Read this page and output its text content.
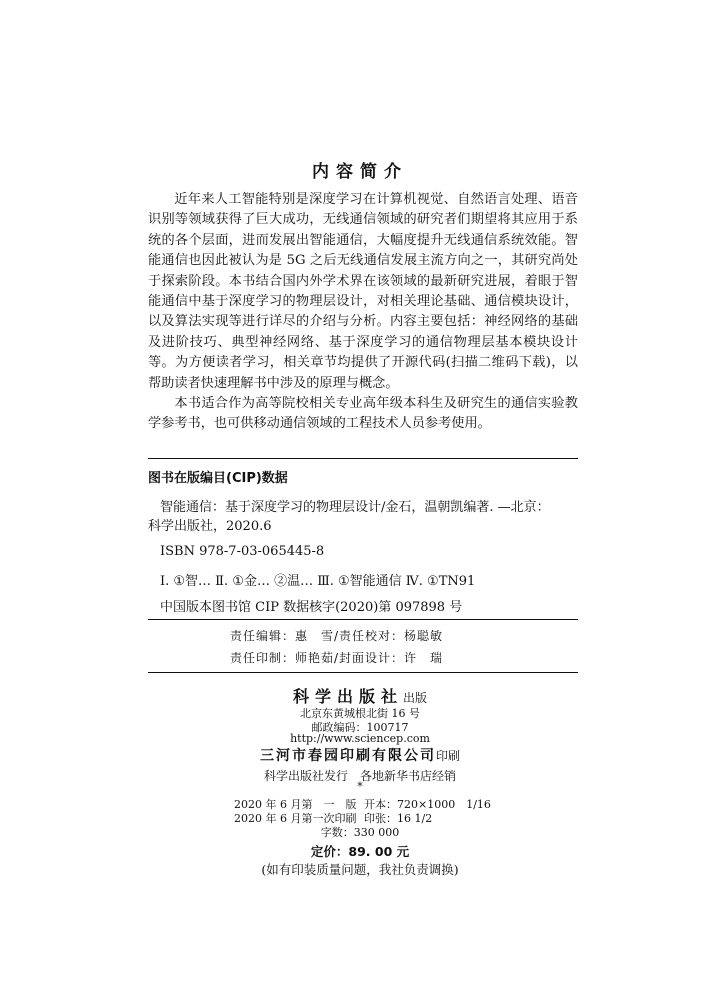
内容简介

近年来人工智能特别是深度学习在计算机视觉、自然语言处理、语音识别等领域获得了巨大成功，无线通信领域的研究者们期望将其应用于系统的各个层面，进而发展出智能通信，大幅度提升无线通信系统效能。智能通信也因此被认为是 5G 之后无线通信发展主流方向之一，其研究尚处于探索阶段。本书结合国内外学术界在该领域的最新研究进展，着眼于智能通信中基于深度学习的物理层设计，对相关理论基础、通信模块设计，以及算法实现等进行详尽的介绍与分析。内容主要包括：神经网络的基础及进阶技巧、典型神经网络、基于深度学习的通信物理层基本模块设计等。为方便读者学习，相关章节均提供了开源代码(扫描二维码下载)，以帮助读者快速理解书中涉及的原理与概念。

本书适合作为高等院校相关专业高年级本科生及研究生的通信实验教学参考书，也可供移动通信领域的工程技术人员参考使用。

图书在版编目(CIP)数据
智能通信：基于深度学习的物理层设计/金石，温朝凯编著. —北京：
科学出版社，2020.6
ISBN 978-7-03-065445-8
Ⅰ. ①智… Ⅱ. ①金… ②温… Ⅲ. ①智能通信 Ⅳ. ①TN91
中国版本图书馆 CIP 数据核字(2020)第 097898 号
责任编辑：惠　雪/责任校对：杨聪敏
责任印制：师艳茹/封面设计：许　瑞
科学出版社出版
北京东黄城根北街 16 号
邮政编码：100717
http://www.sciencep.com
三河市春园印刷有限公司印刷
科学出版社发行　各地新华书店经销
*
2020 年 6 月第　一　版 开本：720×1000　1/16
2020 年 6 月第一次印刷 印张：16 1/2
字数：330 000
定价：89. 00 元
(如有印装质量问题，我社负责调换)
